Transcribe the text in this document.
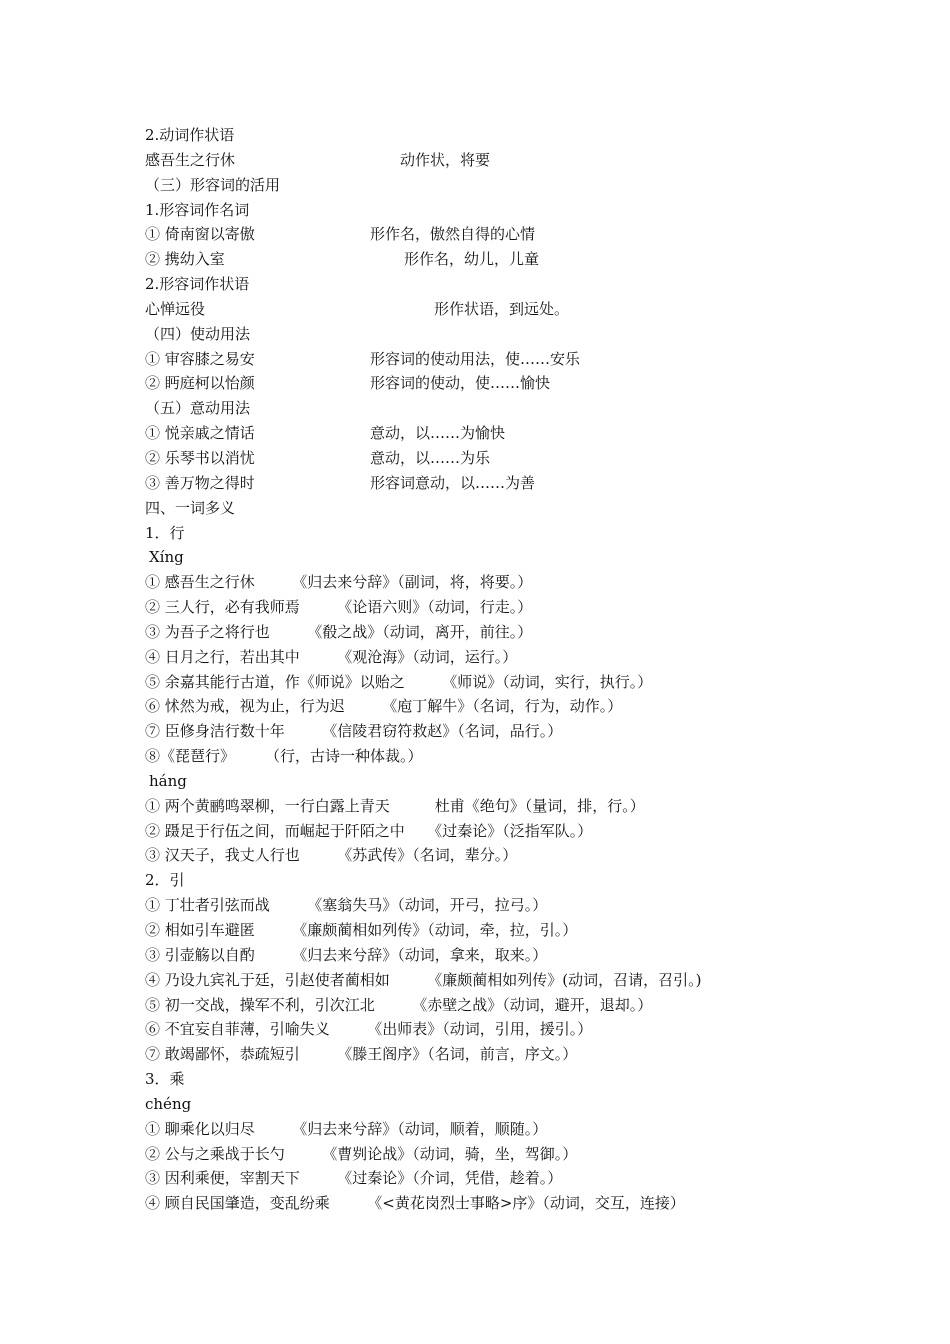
2.动词作状语
感吾生之行休	动作状，将要
（三）形容词的活用
1.形容词作名词
① 倚南窗以寄傲	形作名，傲然自得的心情
② 携幼入室	形作名，幼儿，儿童
2.形容词作状语
心惮远役	形作状语，到远处。
（四）使动用法
① 审容膝之易安	形容词的使动用法，使……安乐
② 眄庭柯以怡颜	形容词的使动，使……愉快
（五）意动用法
① 悦亲戚之情话	意动，以……为愉快
② 乐琴书以消忧	意动，以……为乐
③ 善万物之得时	形容词意动，以……为善
四、一词多义
1．行
Xíng
① 感吾生之行休　　　《归去来兮辞》（副词，将，将要。）
② 三人行，必有我师焉　　　《论语六则》（动词，行走。）
③ 为吾子之将行也　　　《殽之战》（动词，离开，前往。）
④ 日月之行，若出其中　　　《观沧海》（动词，运行。）
⑤ 余嘉其能行古道，作《师说》以贻之　　　《师说》（动词，实行，执行。）
⑥ 怵然为戒，视为止，行为迟　　　《庖丁解牛》（名词，行为，动作。）
⑦ 臣修身洁行数十年　　　《信陵君窃符救赵》（名词，品行。）
⑧《琵琶行》　　　（行，古诗一种体裁。）
háng
① 两个黄鹂鸣翠柳，一行白露上青天　　　杜甫《绝句》（量词，排，行。）
② 蹑足于行伍之间，而崛起于阡陌之中　　《过秦论》（泛指军队。）
③ 汉天子，我丈人行也　　　《苏武传》（名词，辈分。）
2．引
① 丁壮者引弦而战　　　《塞翁失马》（动词，开弓，拉弓。）
② 相如引车避匿　　　《廉颇蔺相如列传》（动词，牵，拉，引。）
③ 引壶觞以自酌　　　《归去来兮辞》（动词，拿来，取来。）
④ 乃设九宾礼于廷，引赵使者蔺相如　　　《廉颇蔺相如列传》(动词，召请，召引。)
⑤ 初一交战，操军不利，引次江北　　　《赤壁之战》（动词，避开，退却。）
⑥ 不宜妄自菲薄，引喻失义　　　《出师表》（动词，引用，援引。）
⑦ 敢竭鄙怀，恭疏短引　　　《滕王阁序》（名词，前言，序文。）
3．乘
chéng
① 聊乘化以归尽　　　《归去来兮辞》（动词，顺着，顺随。）
② 公与之乘战于长勺　　　《曹刿论战》（动词，骑，坐，驾御。）
③ 因利乘便，宰割天下　　　《过秦论》（介词，凭借，趁着。）
④ 顾自民国肇造，变乱纷乘　　　《<黄花岗烈士事略>序》（动词，交互，连接）
